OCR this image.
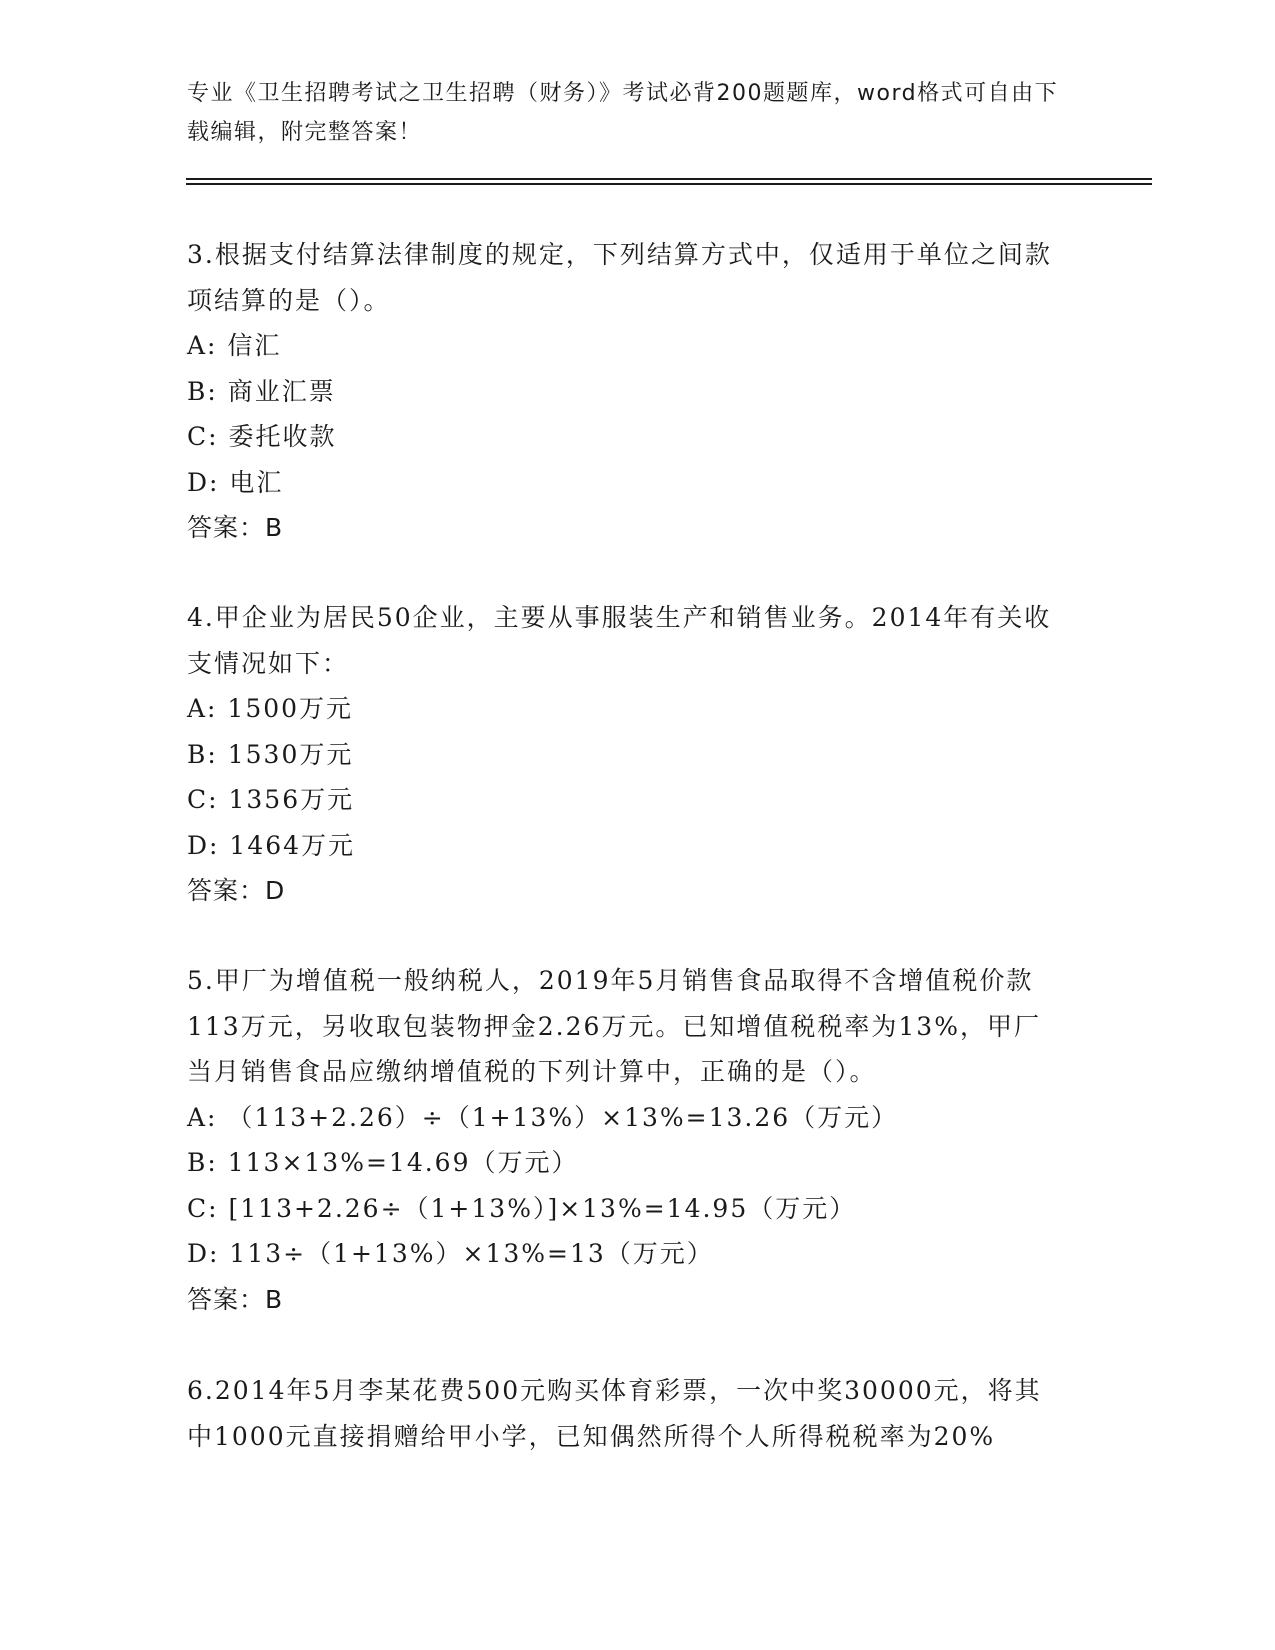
专业《卫生招聘考试之卫生招聘（财务）》考试必背200题题库，word格式可自由下载编辑，附完整答案！

3.根据支付结算法律制度的规定，下列结算方式中，仅适用于单位之间款项结算的是（）。

A: 信汇

B: 商业汇票

C: 委托收款

D: 电汇

答案：B

4.甲企业为居民50企业，主要从事服装生产和销售业务。2014年有关收支情况如下：

A: 1500万元

B: 1530万元

C: 1356万元

D: 1464万元

答案：D

5.甲厂为增值税一般纳税人，2019年5月销售食品取得不含增值税价款113万元，另收取包装物押金2.26万元。已知增值税税率为13%，甲厂当月销售食品应缴纳增值税的下列计算中，正确的是（）。

A: （113+2.26）÷（1+13%）×13%=13.26（万元）

B: 113×13%=14.69（万元）

C: [113+2.26÷（1+13%）]×13%=14.95（万元）

D: 113÷（1+13%）×13%=13（万元）

答案：B

6.2014年5月李某花费500元购买体育彩票，一次中奖30000元，将其中1000元直接捐赠给甲小学，已知偶然所得个人所得税税率为20%
